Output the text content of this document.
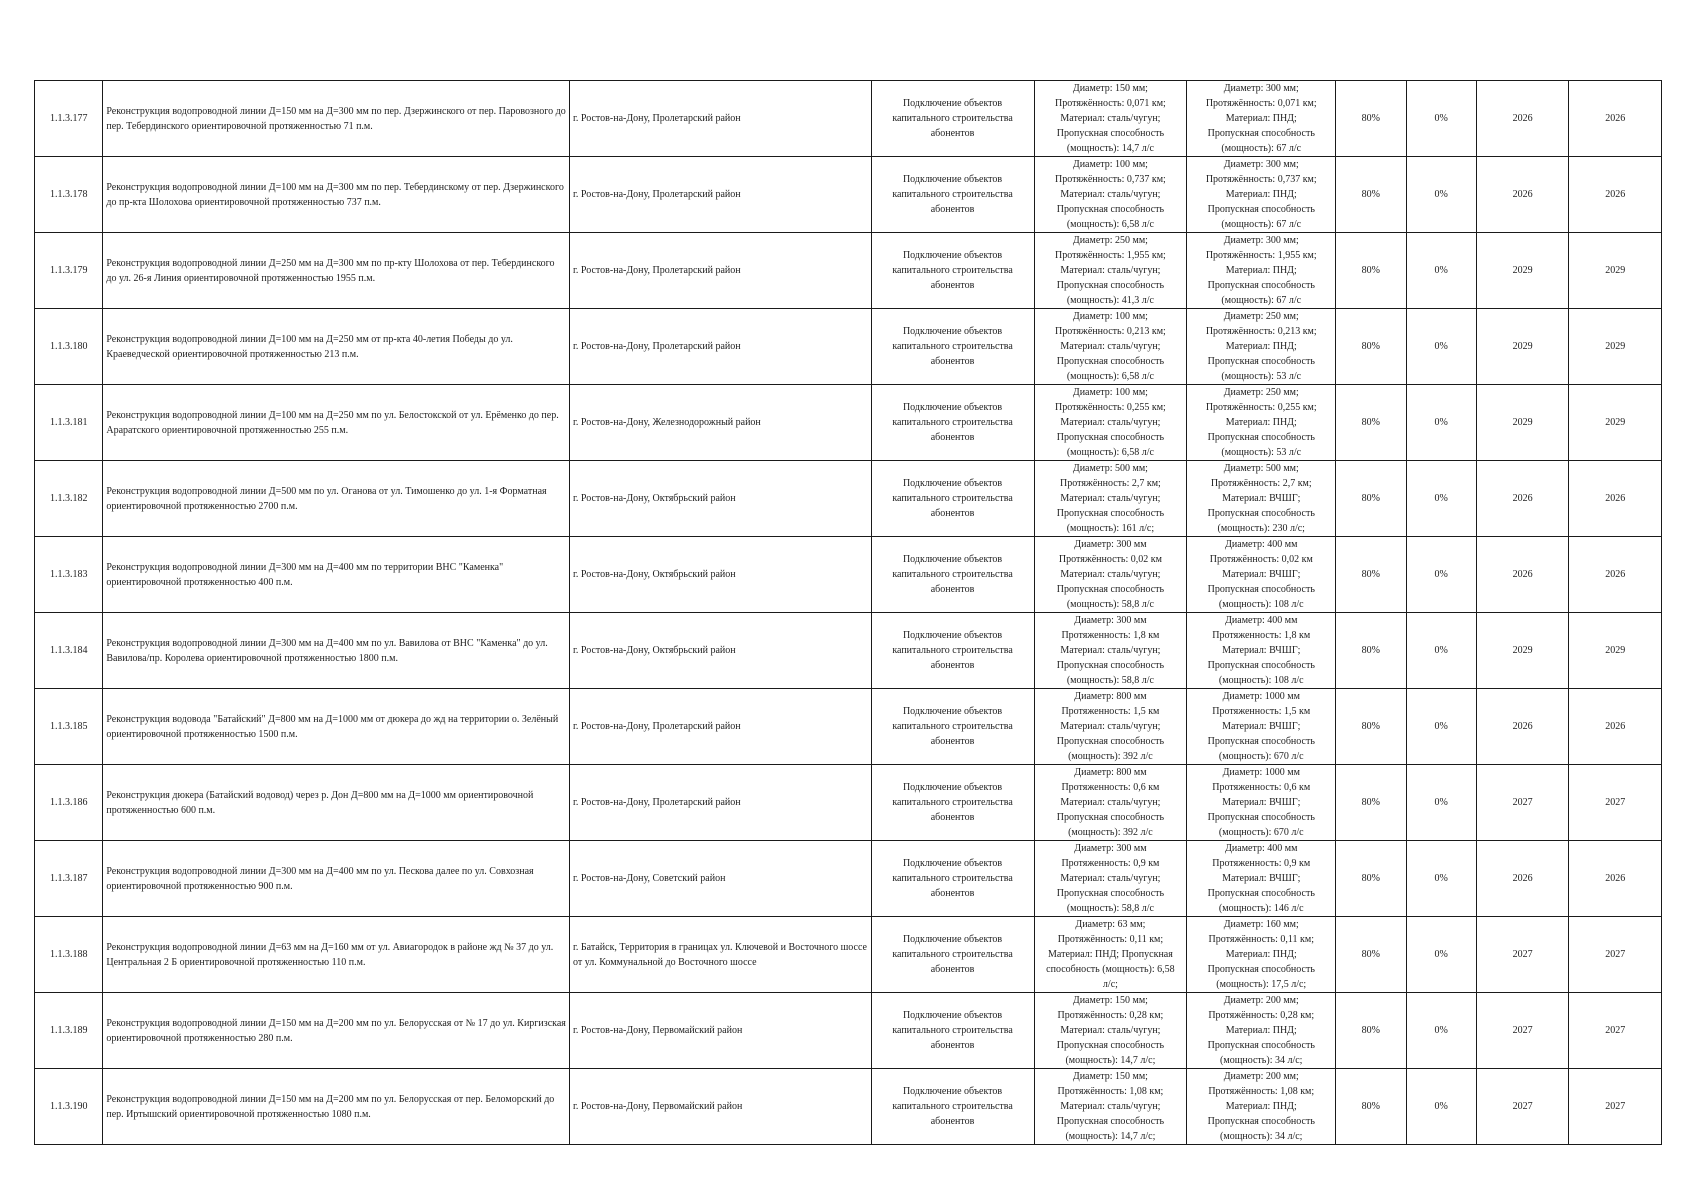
1.1.3.177	Реконструкция водопроводной линии Д=150 мм на Д=300 мм по пер. Дзержинского от пер. Паровозного до пер. Тебердинского ориентировочной протяженностью 71 п.м.	г. Ростов-на-Дону, Пролетарский район	Подключение объектов капитального строительства абонентов	Диаметр: 150 мм;
Протяжённость: 0,071 км;
Материал: сталь/чугун;
Пропускная способность
(мощность): 14,7 л/с	Диаметр: 300 мм;
Протяжённость: 0,071 км;
Материал: ПНД;
Пропускная способность
(мощность): 67 л/с	80%	0%	2026	2026
1.1.3.178	Реконструкция водопроводной линии Д=100 мм на Д=300 мм по пер. Тебердинскому от пер. Дзержинского до пр-кта Шолохова ориентировочной протяженностью 737 п.м.	г. Ростов-на-Дону, Пролетарский район	Подключение объектов капитального строительства абонентов	Диаметр: 100 мм;
Протяжённость: 0,737 км;
Материал: сталь/чугун;
Пропускная способность
(мощность): 6,58 л/с	Диаметр: 300 мм;
Протяжённость: 0,737 км;
Материал: ПНД;
Пропускная способность
(мощность): 67 л/с	80%	0%	2026	2026
1.1.3.179	Реконструкция водопроводной линии Д=250 мм на Д=300 мм по пр-кту Шолохова от пер. Тебердинского до ул. 26-я Линия ориентировочной протяженностью 1955 п.м.	г. Ростов-на-Дону, Пролетарский район	Подключение объектов капитального строительства абонентов	Диаметр: 250 мм;
Протяжённость: 1,955 км;
Материал: сталь/чугун;
Пропускная способность
(мощность): 41,3 л/с	Диаметр: 300 мм;
Протяжённость: 1,955 км;
Материал: ПНД;
Пропускная способность
(мощность): 67 л/с	80%	0%	2029	2029
1.1.3.180	Реконструкция водопроводной линии Д=100 мм на Д=250 мм от пр-кта 40-летия Победы до ул. Краеведческой ориентировочной протяженностью 213 п.м.	г. Ростов-на-Дону, Пролетарский район	Подключение объектов капитального строительства абонентов	Диаметр: 100 мм;
Протяжённость: 0,213 км;
Материал: сталь/чугун;
Пропускная способность
(мощность): 6,58 л/с	Диаметр: 250 мм;
Протяжённость: 0,213 км;
Материал: ПНД;
Пропускная способность
(мощность): 53 л/с	80%	0%	2029	2029
1.1.3.181	Реконструкция водопроводной линии Д=100 мм на Д=250 мм по ул. Белостокской от ул. Ерёменко до пер. Араратского ориентировочной протяженностью 255 п.м.	г. Ростов-на-Дону, Железнодорожный район	Подключение объектов капитального строительства абонентов	Диаметр: 100 мм;
Протяжённость: 0,255 км;
Материал: сталь/чугун;
Пропускная способность
(мощность): 6,58 л/с	Диаметр: 250 мм;
Протяжённость: 0,255 км;
Материал: ПНД;
Пропускная способность
(мощность): 53 л/с	80%	0%	2029	2029
1.1.3.182	Реконструкция водопроводной линии Д=500 мм по ул. Оганова от ул. Тимошенко до ул. 1-я Форматная ориентировочной протяженностью 2700 п.м.	г. Ростов-на-Дону, Октябрьский район	Подключение объектов капитального строительства абонентов	Диаметр: 500 мм;
Протяжённость: 2,7 км;
Материал: сталь/чугун;
Пропускная способность
(мощность): 161 л/с;	Диаметр: 500 мм;
Протяжённость: 2,7 км;
Материал: ВЧШГ;
Пропускная способность
(мощность): 230 л/с;	80%	0%	2026	2026
1.1.3.183	Реконструкция водопроводной линии Д=300 мм на Д=400 мм по территории ВНС "Каменка" ориентировочной протяженностью 400 п.м.	г. Ростов-на-Дону, Октябрьский район	Подключение объектов капитального строительства абонентов	Диаметр: 300 мм
Протяжённость: 0,02 км
Материал: сталь/чугун;
Пропускная способность
(мощность): 58,8 л/с	Диаметр: 400 мм
Протяжённость: 0,02 км
Материал: ВЧШГ;
Пропускная способность
(мощность): 108 л/с	80%	0%	2026	2026
1.1.3.184	Реконструкция водопроводной линии Д=300 мм на Д=400 мм по ул. Вавилова от ВНС "Каменка" до ул. Вавилова/пр. Королева ориентировочной протяженностью 1800 п.м.	г. Ростов-на-Дону, Октябрьский район	Подключение объектов капитального строительства абонентов	Диаметр: 300 мм
Протяженность: 1,8 км
Материал: сталь/чугун;
Пропускная способность
(мощность): 58,8 л/с	Диаметр: 400 мм
Протяженность: 1,8 км
Материал: ВЧШГ;
Пропускная способность
(мощность): 108 л/с	80%	0%	2029	2029
1.1.3.185	Реконструкция водовода "Батайский" Д=800 мм на Д=1000 мм от дюкера до жд на территории о. Зелёный ориентировочной протяженностью 1500 п.м.	г. Ростов-на-Дону, Пролетарский район	Подключение объектов капитального строительства абонентов	Диаметр: 800 мм
Протяженность: 1,5 км
Материал: сталь/чугун;
Пропускная способность
(мощность): 392 л/с	Диаметр: 1000 мм
Протяженность: 1,5 км
Материал: ВЧШГ;
Пропускная способность
(мощность): 670 л/с	80%	0%	2026	2026
1.1.3.186	Реконструкция дюкера (Батайский водовод) через р. Дон Д=800 мм на Д=1000 мм ориентировочной протяженностью 600 п.м.	г. Ростов-на-Дону, Пролетарский район	Подключение объектов капитального строительства абонентов	Диаметр: 800 мм
Протяженность: 0,6 км
Материал: сталь/чугун;
Пропускная способность
(мощность): 392 л/с	Диаметр: 1000 мм
Протяженность: 0,6 км
Материал: ВЧШГ;
Пропускная способность
(мощность): 670 л/с	80%	0%	2027	2027
1.1.3.187	Реконструкция водопроводной линии Д=300 мм на Д=400 мм по ул. Пескова далее по ул. Совхозная ориентировочной протяженностью 900 п.м.	г. Ростов-на-Дону, Советский район	Подключение объектов капитального строительства абонентов	Диаметр: 300 мм
Протяженность: 0,9 км
Материал: сталь/чугун;
Пропускная способность
(мощность): 58,8 л/с	Диаметр: 400 мм
Протяженность: 0,9 км
Материал: ВЧШГ;
Пропускная способность
(мощность): 146 л/с	80%	0%	2026	2026
1.1.3.188	Реконструкция водопроводной линии Д=63 мм на Д=160 мм от ул. Авиагородок в районе жд № 37 до ул. Центральная 2 Б ориентировочной протяженностью 110 п.м.	г. Батайск, Территория в границах ул. Ключевой и Восточного шоссе от ул. Коммунальной до Восточного шоссе	Подключение объектов капитального строительства абонентов	Диаметр: 63 мм;
Протяжённость: 0,11 км;
Материал: ПНД; Пропускная
способность (мощность): 6,58
л/с;	Диаметр: 160 мм;
Протяжённость: 0,11 км;
Материал: ПНД;
Пропускная способность
(мощность): 17,5 л/с;	80%	0%	2027	2027
1.1.3.189	Реконструкция водопроводной линии Д=150 мм на Д=200 мм по ул. Белорусская от № 17 до ул. Киргизская ориентировочной протяженностью 280 п.м.	г. Ростов-на-Дону, Первомайский район	Подключение объектов капитального строительства абонентов	Диаметр: 150 мм;
Протяжённость: 0,28 км;
Материал: сталь/чугун;
Пропускная способность
(мощность): 14,7 л/с;	Диаметр: 200 мм;
Протяжённость: 0,28 км;
Материал: ПНД;
Пропускная способность
(мощность): 34 л/с;	80%	0%	2027	2027
1.1.3.190	Реконструкция водопроводной линии Д=150 мм на Д=200 мм по ул. Белорусская от пер. Беломорский до пер. Иртышский ориентировочной протяженностью 1080 п.м.	г. Ростов-на-Дону, Первомайский район	Подключение объектов капитального строительства абонентов	Диаметр: 150 мм;
Протяжённость: 1,08 км;
Материал: сталь/чугун;
Пропускная способность
(мощность): 14,7 л/с;	Диаметр: 200 мм;
Протяжённость: 1,08 км;
Материал: ПНД;
Пропускная способность
(мощность): 34 л/с;	80%	0%	2027	2027
